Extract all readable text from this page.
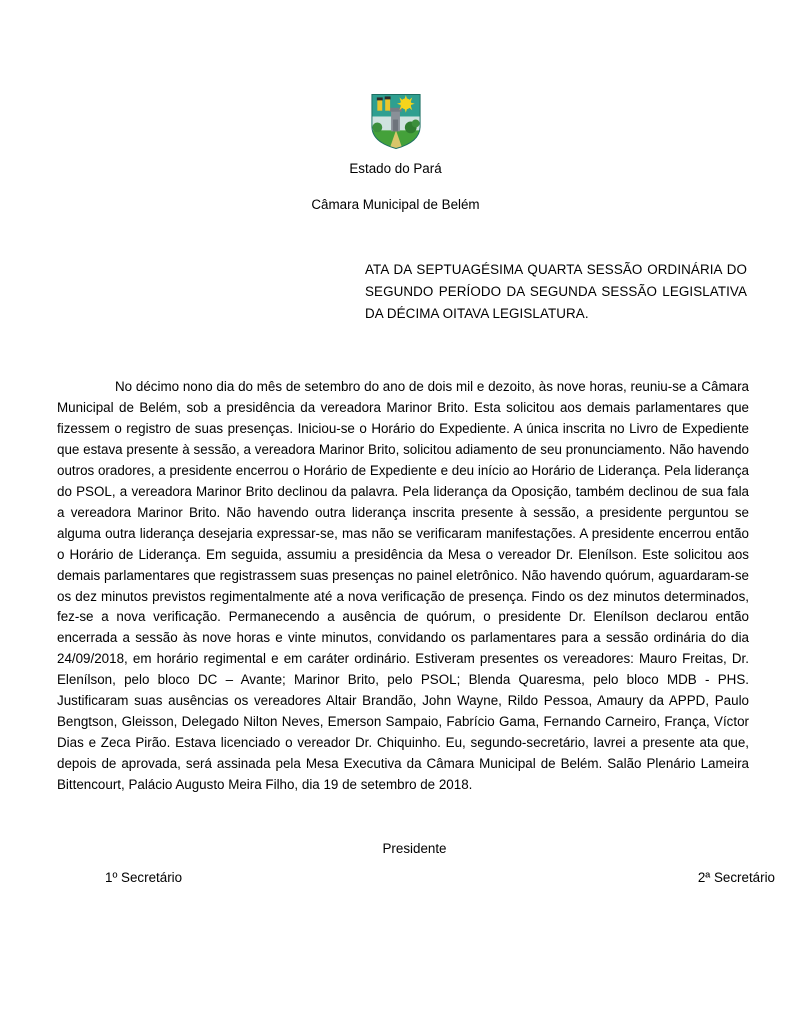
Estado do Pará
Câmara Municipal de Belém
ATA DA SEPTUAGÉSIMA QUARTA SESSÃO ORDINÁRIA DO SEGUNDO PERÍODO DA SEGUNDA SESSÃO LEGISLATIVA DA DÉCIMA OITAVA LEGISLATURA.
No décimo nono dia do mês de setembro do ano de dois mil e dezoito, às nove horas, reuniu-se a Câmara Municipal de Belém, sob a presidência da vereadora Marinor Brito. Esta solicitou aos demais parlamentares que fizessem o registro de suas presenças. Iniciou-se o Horário do Expediente. A única inscrita no Livro de Expediente que estava presente à sessão, a vereadora Marinor Brito, solicitou adiamento de seu pronunciamento. Não havendo outros oradores, a presidente encerrou o Horário de Expediente e deu início ao Horário de Liderança. Pela liderança do PSOL, a vereadora Marinor Brito declinou da palavra. Pela liderança da Oposição, também declinou de sua fala a vereadora Marinor Brito. Não havendo outra liderança inscrita presente à sessão, a presidente perguntou se alguma outra liderança desejaria expressar-se, mas não se verificaram manifestações. A presidente encerrou então o Horário de Liderança. Em seguida, assumiu a presidência da Mesa o vereador Dr. Elenílson. Este solicitou aos demais parlamentares que registrassem suas presenças no painel eletrônico. Não havendo quórum, aguardaram-se os dez minutos previstos regimentalmente até a nova verificação de presença. Findo os dez minutos determinados, fez-se a nova verificação. Permanecendo a ausência de quórum, o presidente Dr. Elenílson declarou então encerrada a sessão às nove horas e vinte minutos, convidando os parlamentares para a sessão ordinária do dia 24/09/2018, em horário regimental e em caráter ordinário. Estiveram presentes os vereadores: Mauro Freitas, Dr. Elenílson, pelo bloco DC – Avante; Marinor Brito, pelo PSOL; Blenda Quaresma, pelo bloco MDB - PHS. Justificaram suas ausências os vereadores Altair Brandão, John Wayne, Rildo Pessoa, Amaury da APPD, Paulo Bengtson, Gleisson, Delegado Nilton Neves, Emerson Sampaio, Fabrício Gama, Fernando Carneiro, França, Víctor Dias e Zeca Pirão. Estava licenciado o vereador Dr. Chiquinho. Eu, segundo-secretário, lavrei a presente ata que, depois de aprovada, será assinada pela Mesa Executiva da Câmara Municipal de Belém. Salão Plenário Lameira Bittencourt, Palácio Augusto Meira Filho, dia 19 de setembro de 2018.
Presidente
1º Secretário	2ª Secretário
